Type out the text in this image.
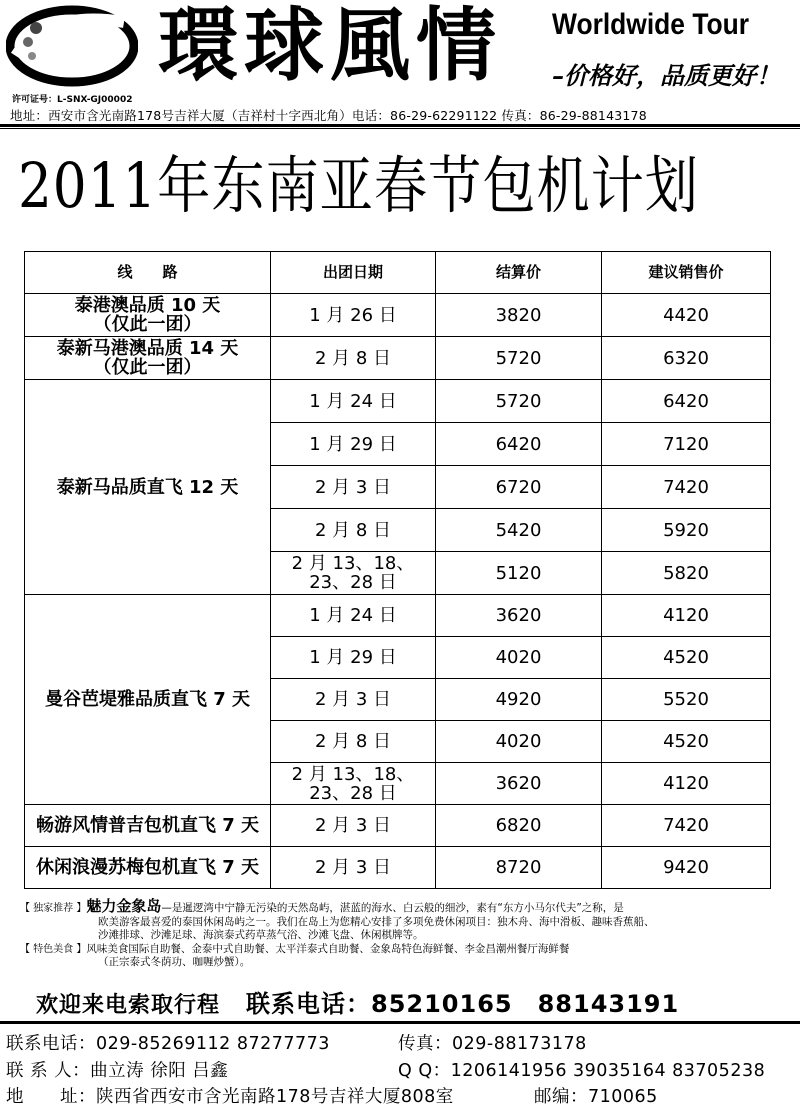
環球風情 Worldwide Tour
–价格好，品质更好！
许可证号：L-SNX-GJ00002
地址：西安市含光南路178号吉祥大厦（吉祥村十字西北角）电话：86-29-62291122 传真：86-29-88143178
2011年东南亚春节包机计划
线　　路	出团日期	结算价	建议销售价
泰港澳品质 10 天
（仅此一团）	1 月 26 日	3820	4420
泰新马港澳品质 14 天
（仅此一团）	2 月 8 日	5720	6320
泰新马品质直飞 12 天	1 月 24 日	5720	6420
	1 月 29 日	6420	7120
	2 月 3 日	6720	7420
	2 月 8 日	5420	5920
	2 月 13、18、
23、28 日	5120	5820
曼谷芭堤雅品质直飞 7 天	1 月 24 日	3620	4120
	1 月 29 日	4020	4520
	2 月 3 日	4920	5520
	2 月 8 日	4020	4520
	2 月 13、18、
23、28 日	3620	4120
畅游风情普吉包机直飞 7 天	2 月 3 日	6820	7420
休闲浪漫苏梅包机直飞 7 天	2 月 3 日	8720	9420
【 独家推荐 】魅力金象岛—是暹逻湾中宁静无污染的天然岛屿，湛蓝的海水、白云般的细沙，素有“东方小马尔代夫”之称，是
欧美游客最喜爱的泰国休闲岛屿之一。我们在岛上为您精心安排了多项免费休闲项目：独木舟、海中滑板、趣味香蕉船、
沙滩排球、沙滩足球、海滨泰式药草蒸气浴、沙滩飞盘、休闲棋牌等。
【 特色美食 】风味美食国际自助餐、金泰中式自助餐、太平洋泰式自助餐、金象岛特色海鲜餐、李金昌潮州餐厅海鲜餐
（正宗泰式冬荫功、咖喱炒蟹）。
欢迎来电索取行程 联系电话：85210165　88143191
联系电话：029-85269112 87277773	传真：029-88173178
联 系 人：曲立涛 徐阳 吕鑫	Q Q：1206141956 39035164 83705238
地　　址：陕西省西安市含光南路178号吉祥大厦808室	邮编：710065
